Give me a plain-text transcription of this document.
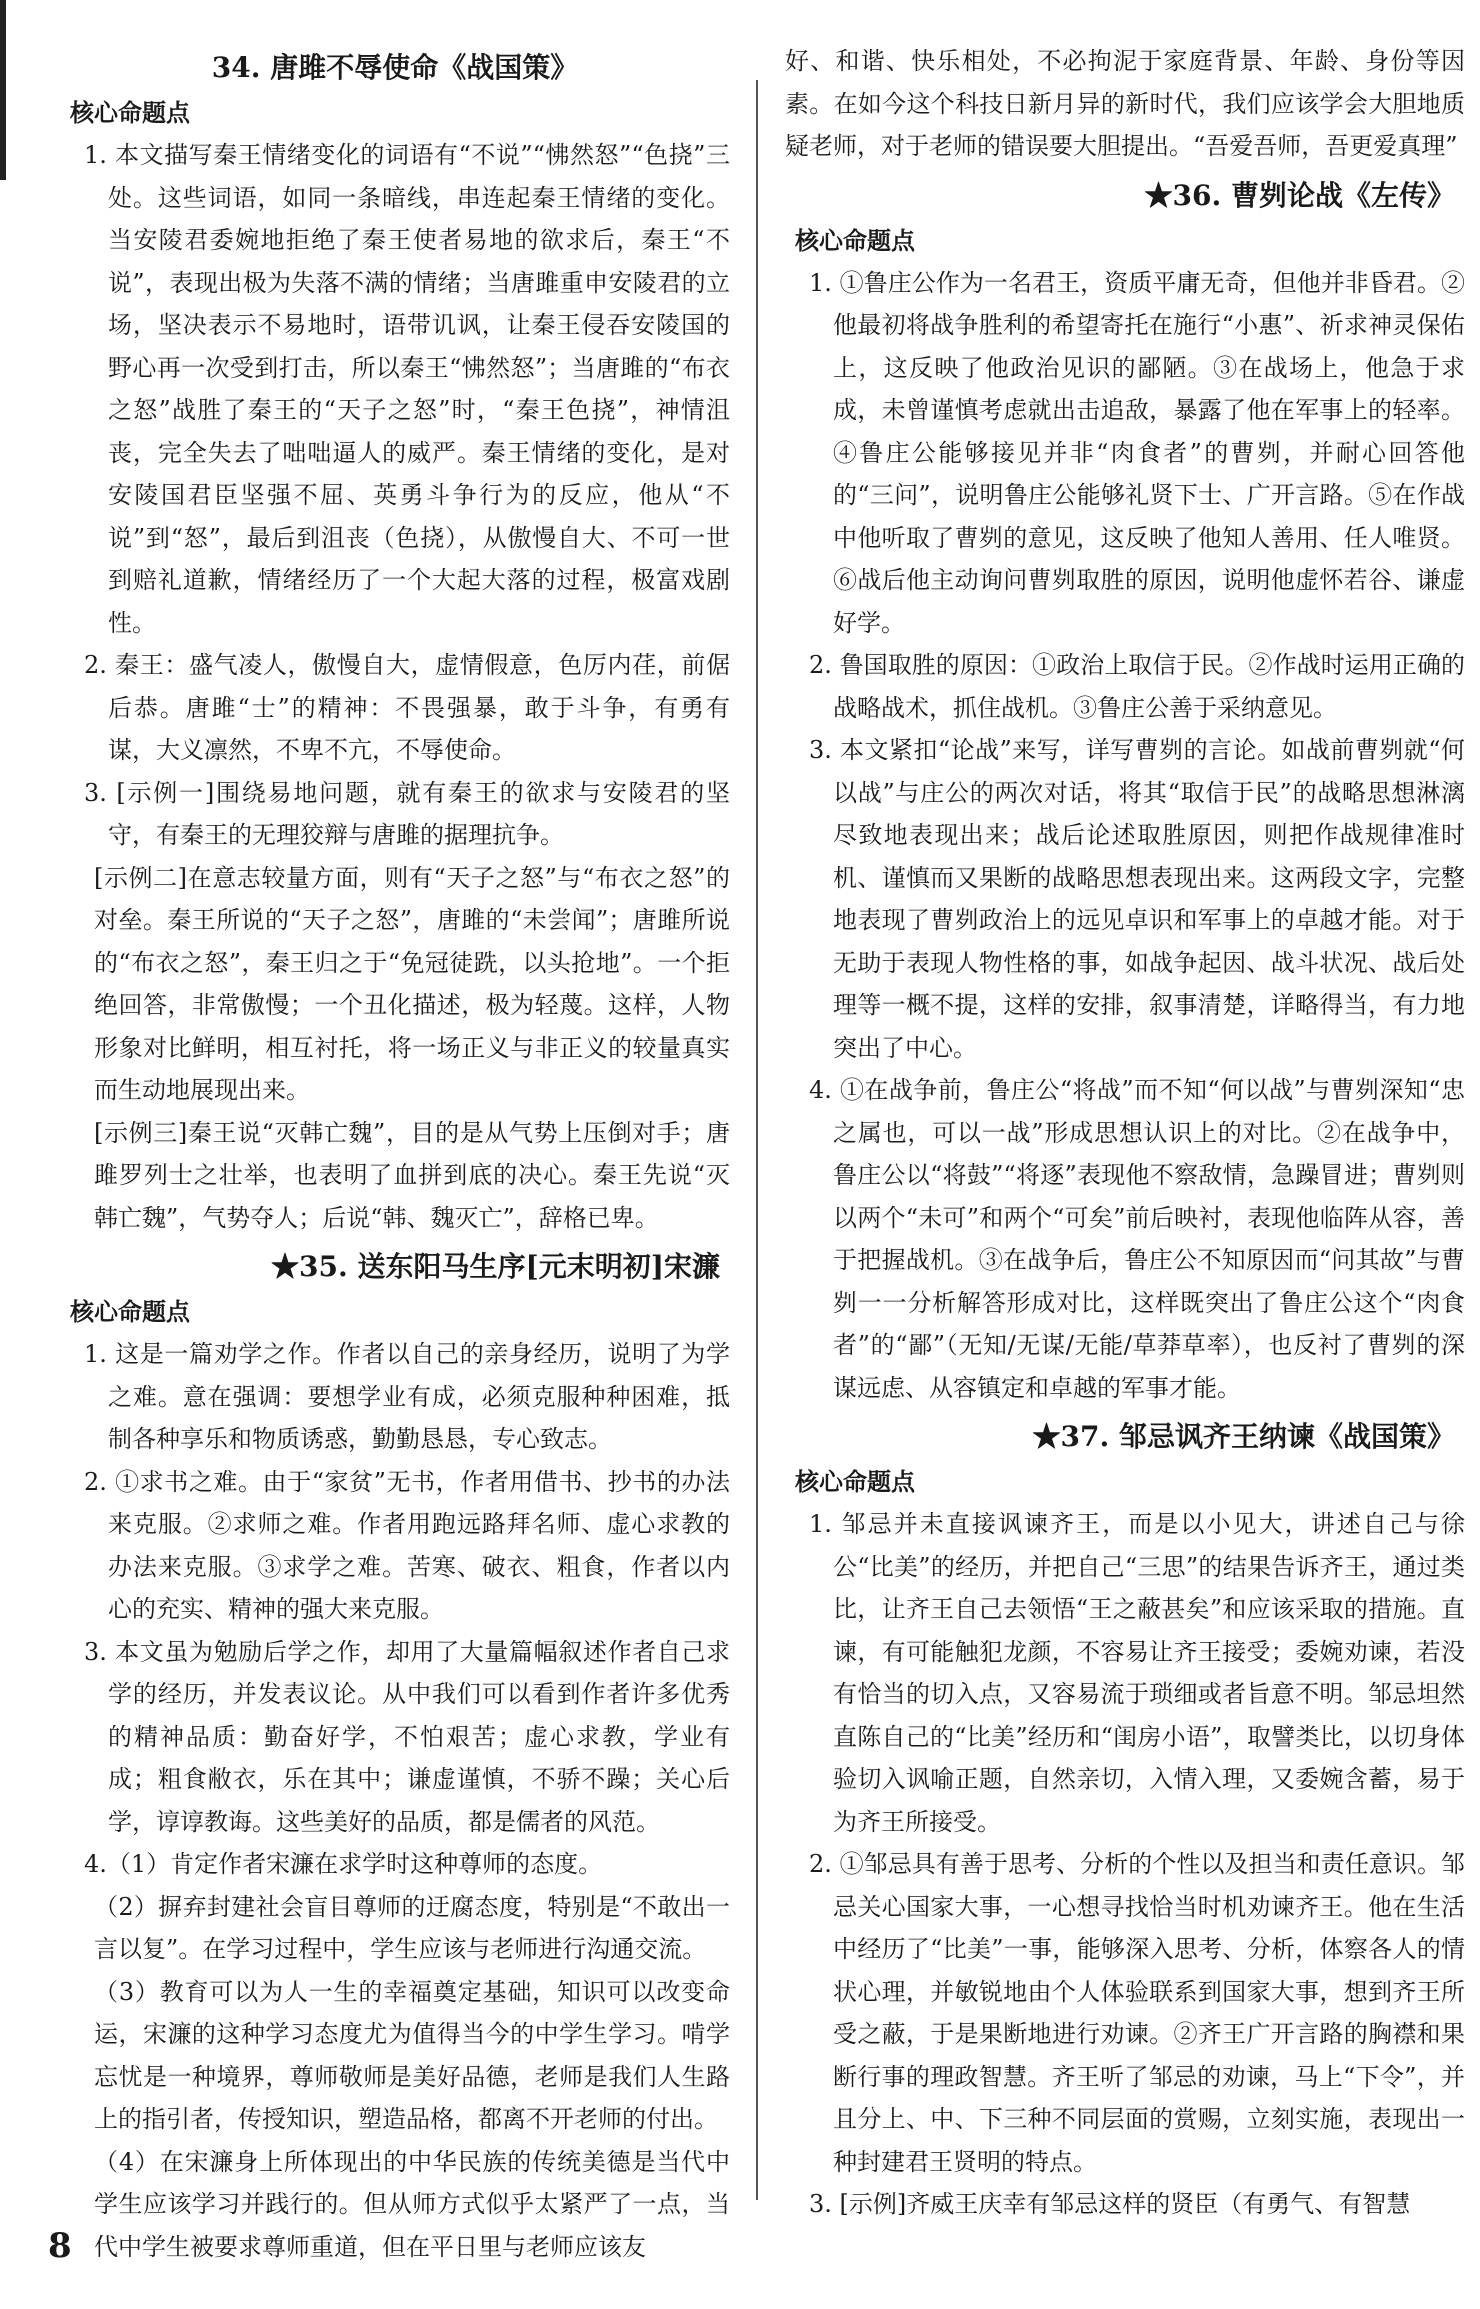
34. 唐雎不辱使命《战国策》
核心命题点
1. 本文描写秦王情绪变化的词语有“不说”“怫然怒”“色挠”三处。这些词语，如同一条暗线，串连起秦王情绪的变化。当安陵君委婉地拒绝了秦王使者易地的欲求后，秦王“不说”，表现出极为失落不满的情绪；当唐雎重申安陵君的立场，坚决表示不易地时，语带讥讽，让秦王侵吞安陵国的野心再一次受到打击，所以秦王“怫然怒”；当唐雎的“布衣之怒”战胜了秦王的“天子之怒”时，“秦王色挠”，神情沮丧，完全失去了咄咄逼人的威严。秦王情绪的变化，是对安陵国君臣坚强不屈、英勇斗争行为的反应，他从“不说”到“怒”，最后到沮丧（色挠），从傲慢自大、不可一世到赔礼道歉，情绪经历了一个大起大落的过程，极富戏剧性。
2. 秦王：盛气凌人，傲慢自大，虚情假意，色厉内荏，前倨后恭。唐雎“士”的精神：不畏强暴，敢于斗争，有勇有谋，大义凛然，不卑不亢，不辱使命。
3. [示例一]围绕易地问题，就有秦王的欲求与安陵君的坚守，有秦王的无理狡辩与唐雎的据理抗争。
[示例二]在意志较量方面，则有“天子之怒”与“布衣之怒”的对垒。秦王所说的“天子之怒”，唐雎的“未尝闻”；唐雎所说的“布衣之怒”，秦王归之于“免冠徒跣，以头抢地”。一个拒绝回答，非常傲慢；一个丑化描述，极为轻蔑。这样，人物形象对比鲜明，相互衬托，将一场正义与非正义的较量真实而生动地展现出来。
[示例三]秦王说“灭韩亡魏”，目的是从气势上压倒对手；唐雎罗列士之壮举，也表明了血拼到底的决心。秦王先说“灭韩亡魏”，气势夺人；后说“韩、魏灭亡”，辞格已卑。
★35. 送东阳马生序[元末明初]宋濂
核心命题点
1. 这是一篇劝学之作。作者以自己的亲身经历，说明了为学之难。意在强调：要想学业有成，必须克服种种困难，抵制各种享乐和物质诱惑，勤勤恳恳，专心致志。
2. ①求书之难。由于“家贫”无书，作者用借书、抄书的办法来克服。②求师之难。作者用跑远路拜名师、虚心求教的办法来克服。③求学之难。苦寒、破衣、粗食，作者以内心的充实、精神的强大来克服。
3. 本文虽为勉励后学之作，却用了大量篇幅叙述作者自己求学的经历，并发表议论。从中我们可以看到作者许多优秀的精神品质：勤奋好学，不怕艰苦；虚心求教，学业有成；粗食敝衣，乐在其中；谦虚谨慎，不骄不躁；关心后学，谆谆教诲。这些美好的品质，都是儒者的风范。
4.（1）肯定作者宋濂在求学时这种尊师的态度。
（2）摒弃封建社会盲目尊师的迂腐态度，特别是“不敢出一言以复”。在学习过程中，学生应该与老师进行沟通交流。
（3）教育可以为人一生的幸福奠定基础，知识可以改变命运，宋濂的这种学习态度尤为值得当今的中学生学习。啃学忘忧是一种境界，尊师敬师是美好品德，老师是我们人生路上的指引者，传授知识，塑造品格，都离不开老师的付出。
（4）在宋濂身上所体现出的中华民族的传统美德是当代中学生应该学习并践行的。但从师方式似乎太紧严了一点，当代中学生被要求尊师重道，但在平日里与老师应该友
好、和谐、快乐相处，不必拘泥于家庭背景、年龄、身份等因素。在如今这个科技日新月异的新时代，我们应该学会大胆地质疑老师，对于老师的错误要大胆提出。“吾爱吾师，吾更爱真理”
★36. 曹刿论战《左传》
核心命题点
1. ①鲁庄公作为一名君王，资质平庸无奇，但他并非昏君。②他最初将战争胜利的希望寄托在施行“小惠”、祈求神灵保佑上，这反映了他政治见识的鄙陋。③在战场上，他急于求成，未曾谨慎考虑就出击追敌，暴露了他在军事上的轻率。④鲁庄公能够接见并非“肉食者”的曹刿，并耐心回答他的“三问”，说明鲁庄公能够礼贤下士、广开言路。⑤在作战中他听取了曹刿的意见，这反映了他知人善用、任人唯贤。⑥战后他主动询问曹刿取胜的原因，说明他虚怀若谷、谦虚好学。
2. 鲁国取胜的原因：①政治上取信于民。②作战时运用正确的战略战术，抓住战机。③鲁庄公善于采纳意见。
3. 本文紧扣“论战”来写，详写曹刿的言论。如战前曹刿就“何以战”与庄公的两次对话，将其“取信于民”的战略思想淋漓尽致地表现出来；战后论述取胜原因，则把作战规律准时机、谨慎而又果断的战略思想表现出来。这两段文字，完整地表现了曹刿政治上的远见卓识和军事上的卓越才能。对于无助于表现人物性格的事，如战争起因、战斗状况、战后处理等一概不提，这样的安排，叙事清楚，详略得当，有力地突出了中心。
4. ①在战争前，鲁庄公“将战”而不知“何以战”与曹刿深知“忠之属也，可以一战”形成思想认识上的对比。②在战争中，鲁庄公以“将鼓”“将逐”表现他不察敌情，急躁冒进；曹刿则以两个“未可”和两个“可矣”前后映衬，表现他临阵从容，善于把握战机。③在战争后，鲁庄公不知原因而“问其故”与曹刿一一分析解答形成对比，这样既突出了鲁庄公这个“肉食者”的“鄙”（无知/无谋/无能/草莽草率），也反衬了曹刿的深谋远虑、从容镇定和卓越的军事才能。
★37. 邹忌讽齐王纳谏《战国策》
核心命题点
1. 邹忌并未直接讽谏齐王，而是以小见大，讲述自己与徐公“比美”的经历，并把自己“三思”的结果告诉齐王，通过类比，让齐王自己去领悟“王之蔽甚矣”和应该采取的措施。直谏，有可能触犯龙颜，不容易让齐王接受；委婉劝谏，若没有恰当的切入点，又容易流于琐细或者旨意不明。邹忌坦然直陈自己的“比美”经历和“闺房小语”，取譬类比，以切身体验切入讽喻正题，自然亲切，入情入理，又委婉含蓄，易于为齐王所接受。
2. ①邹忌具有善于思考、分析的个性以及担当和责任意识。邹忌关心国家大事，一心想寻找恰当时机劝谏齐王。他在生活中经历了“比美”一事，能够深入思考、分析，体察各人的情状心理，并敏锐地由个人体验联系到国家大事，想到齐王所受之蔽，于是果断地进行劝谏。②齐王广开言路的胸襟和果断行事的理政智慧。齐王听了邹忌的劝谏，马上“下令”，并且分上、中、下三种不同层面的赏赐，立刻实施，表现出一种封建君王贤明的特点。
3. [示例]齐威王庆幸有邹忌这样的贤臣（有勇气、有智慧
8
